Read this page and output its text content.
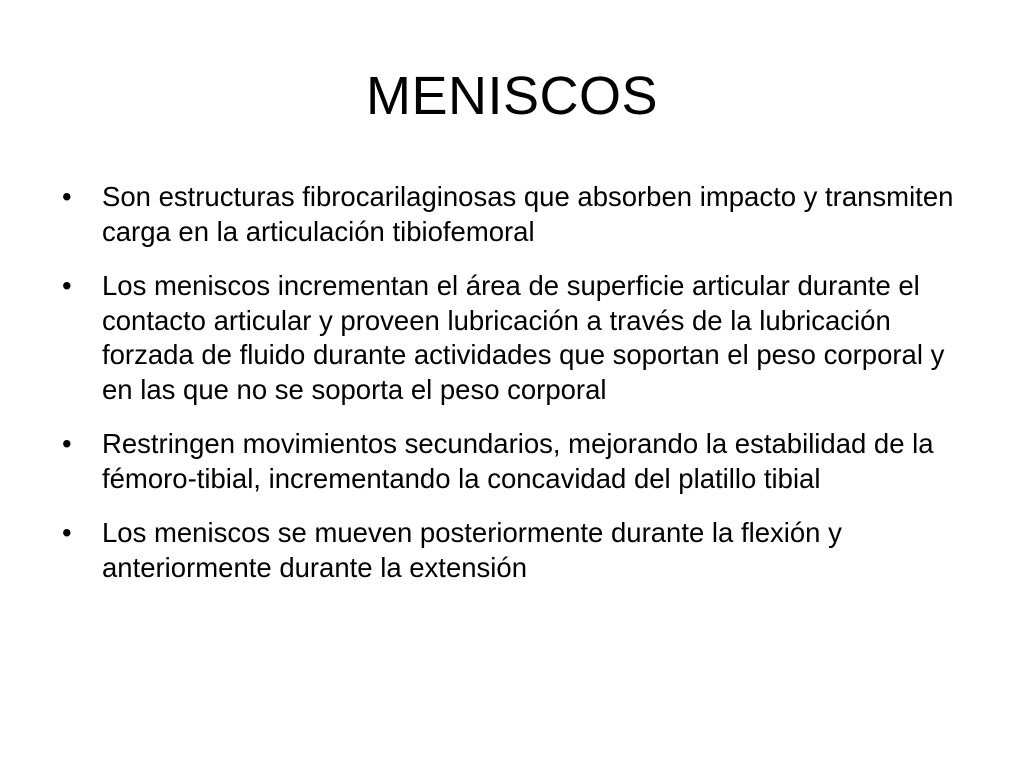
MENISCOS
•	Son estructuras fibrocarilaginosas que absorben impacto y transmiten carga en la articulación tibiofemoral
•	Los meniscos incrementan el área de superficie articular durante el contacto articular y proveen lubricación a través de la lubricación forzada de fluido durante actividades que soportan el peso corporal y en las que no se soporta el peso corporal
•	Restringen movimientos secundarios, mejorando la estabilidad de la fémoro-tibial, incrementando la concavidad del platillo tibial
•	Los meniscos se mueven posteriormente durante la flexión y anteriormente durante la extensión
